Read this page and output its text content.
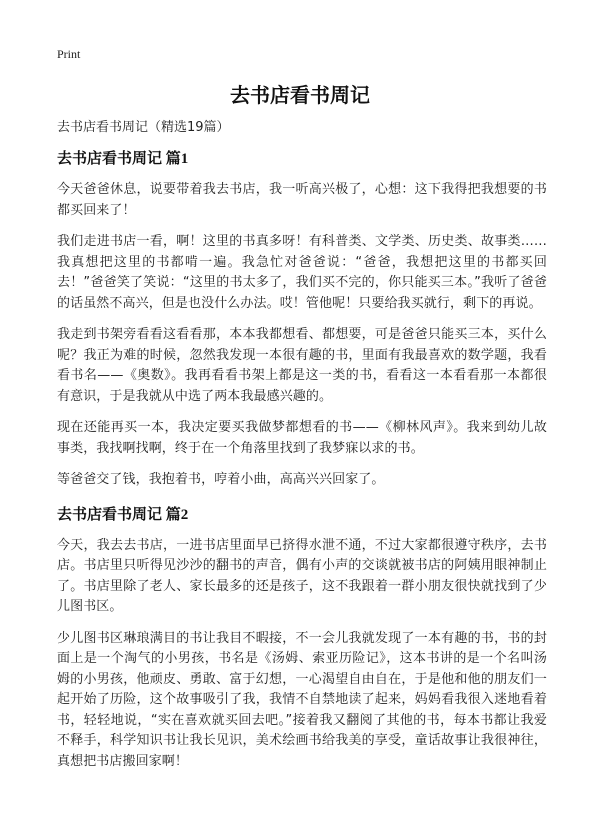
Print
去书店看书周记

去书店看书周记（精选19篇）

去书店看书周记 篇1

今天爸爸休息，说要带着我去书店，我一听高兴极了，心想：这下我得把我想要的书都买回来了！

我们走进书店一看，啊！这里的书真多呀！有科普类、文学类、历史类、故事类……我真想把这里的书都啃一遍。我急忙对爸爸说：“爸爸，我想把这里的书都买回去！”爸爸笑了笑说：“这里的书太多了，我们买不完的，你只能买三本。”我听了爸爸的话虽然不高兴，但是也没什么办法。哎！管他呢！只要给我买就行，剩下的再说。

我走到书架旁看看这看看那，本本我都想看、都想要，可是爸爸只能买三本，买什么呢？我正为难的时候，忽然我发现一本很有趣的书，里面有我最喜欢的数学题，我看看书名——《奥数》。我再看看书架上都是这一类的书，看看这一本看看那一本都很有意识，于是我就从中选了两本我最感兴趣的。

现在还能再买一本，我决定要买我做梦都想看的书——《柳林风声》。我来到幼儿故事类，我找啊找啊，终于在一个角落里找到了我梦寐以求的书。

等爸爸交了钱，我抱着书，哼着小曲，高高兴兴回家了。

去书店看书周记 篇2

今天，我去去书店，一进书店里面早已挤得水泄不通，不过大家都很遵守秩序，去书店。书店里只听得见沙沙的翻书的声音，偶有小声的交谈就被书店的阿姨用眼神制止了。书店里除了老人、家长最多的还是孩子，这不我跟着一群小朋友很快就找到了少儿图书区。

少儿图书区琳琅满目的书让我目不暇接，不一会儿我就发现了一本有趣的书，书的封面上是一个淘气的小男孩，书名是《汤姆、索亚历险记》，这本书讲的是一个名叫汤姆的小男孩，他顽皮、勇敢、富于幻想，一心渴望自由自在，于是他和他的朋友们一起开始了历险，这个故事吸引了我，我情不自禁地读了起来，妈妈看我很入迷地看着书，轻轻地说，“实在喜欢就买回去吧。”接着我又翻阅了其他的书，每本书都让我爱不释手，科学知识书让我长见识，美术绘画书给我美的享受，童话故事让我很神往，真想把书店搬回家啊！
